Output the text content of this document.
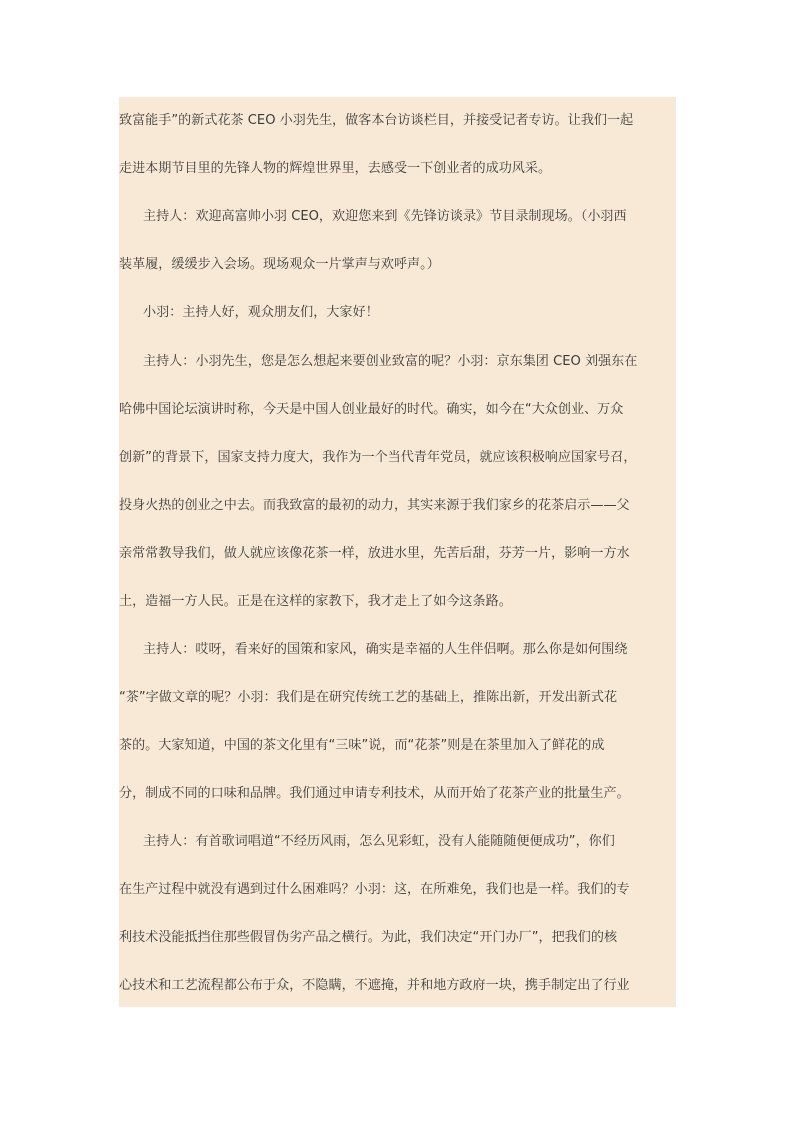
致富能手”的新式花茶 CEO 小羽先生，做客本台访谈栏目，并接受记者专访。让我们一起
走进本期节目里的先锋人物的辉煌世界里，去感受一下创业者的成功风采。
主持人：欢迎高富帅小羽 CEO，欢迎您来到《先锋访谈录》节目录制现场。（小羽西
装革履，缓缓步入会场。现场观众一片掌声与欢呼声。）
小羽：主持人好，观众朋友们，大家好！
主持人：小羽先生，您是怎么想起来要创业致富的呢？小羽：京东集团 CEO 刘强东在
哈佛中国论坛演讲时称，今天是中国人创业最好的时代。确实，如今在“大众创业、万众
创新”的背景下，国家支持力度大，我作为一个当代青年党员，就应该积极响应国家号召，
投身火热的创业之中去。而我致富的最初的动力，其实来源于我们家乡的花茶启示——父
亲常常教导我们，做人就应该像花茶一样，放进水里，先苦后甜，芬芳一片，影响一方水
土，造福一方人民。正是在这样的家教下，我才走上了如今这条路。
主持人：哎呀，看来好的国策和家风，确实是幸福的人生伴侣啊。那么你是如何围绕
“茶”字做文章的呢？小羽：我们是在研究传统工艺的基础上，推陈出新，开发出新式花
茶的。大家知道，中国的茶文化里有“三味”说，而“花茶”则是在茶里加入了鲜花的成
分，制成不同的口味和品牌。我们通过申请专利技术，从而开始了花茶产业的批量生产。
主持人：有首歌词唱道“不经历风雨，怎么见彩虹，没有人能随随便便成功”，你们
在生产过程中就没有遇到过什么困难吗？小羽：这，在所难免，我们也是一样。我们的专
利技术没能抵挡住那些假冒伪劣产品之横行。为此，我们决定“开门办厂”，把我们的核
心技术和工艺流程都公布于众，不隐瞒，不遮掩，并和地方政府一块，携手制定出了行业
